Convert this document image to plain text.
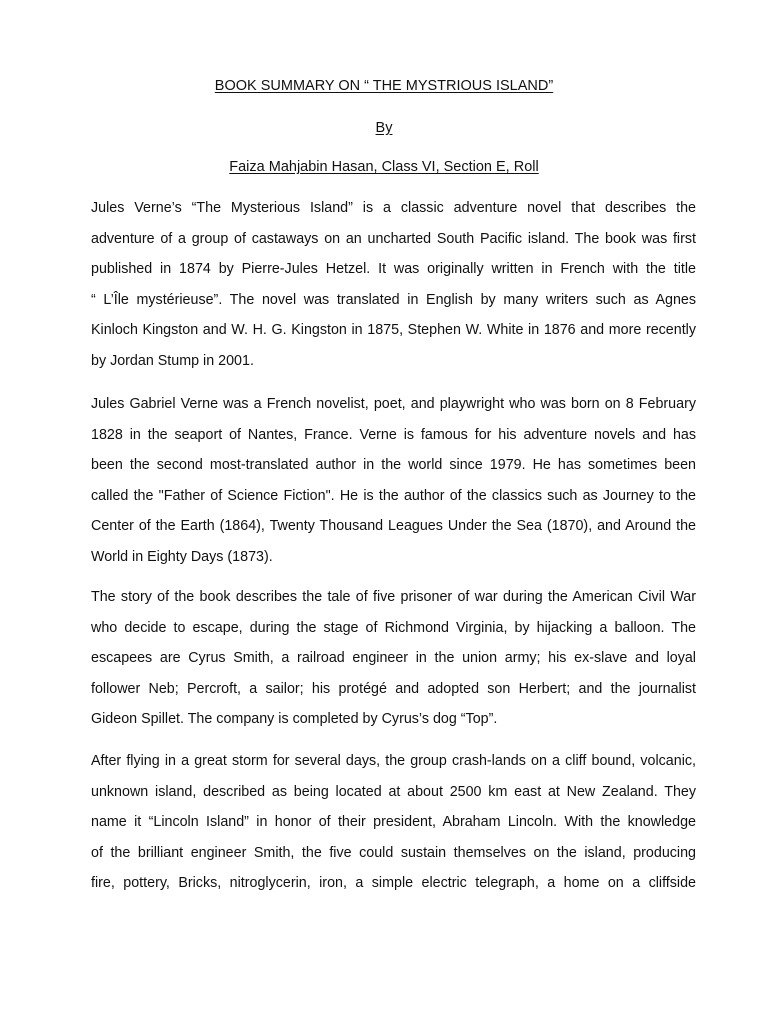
BOOK SUMMARY ON “ THE MYSTRIOUS ISLAND”
By
Faiza Mahjabin Hasan, Class VI, Section E, Roll
Jules Verne’s “The Mysterious Island” is a classic adventure novel that describes the
adventure of a group of castaways on an uncharted South Pacific island. The book was first
published in 1874 by Pierre-Jules Hetzel. It was originally written in French with the title
“ L’Île mystérieuse”. The novel was translated in English by many writers such as Agnes
Kinloch Kingston and W. H. G. Kingston in 1875, Stephen W. White in 1876 and more recently
by Jordan Stump in 2001.
Jules Gabriel Verne was a French novelist, poet, and playwright who was born on 8 February
1828 in the seaport of Nantes, France. Verne is famous for his adventure novels and has
been the second most-translated author in the world since 1979. He has sometimes been
called the "Father of Science Fiction". He is the author of the classics such as Journey to the
Center of the Earth (1864), Twenty Thousand Leagues Under the Sea (1870), and Around the
World in Eighty Days (1873).
The story of the book describes the tale of five prisoner of war during the American Civil War
who decide to escape, during the stage of Richmond Virginia, by hijacking a balloon. The
escapees are Cyrus Smith, a railroad engineer in the union army; his ex-slave and loyal
follower Neb; Percroft, a sailor; his protégé and adopted son Herbert; and the journalist
Gideon Spillet. The company is completed by Cyrus’s dog “Top”.
After flying in a great storm for several days, the group crash-lands on a cliff bound, volcanic,
unknown island, described as being located at about 2500 km east at New Zealand. They
name it “Lincoln Island” in honor of their president, Abraham Lincoln. With the knowledge
of the brilliant engineer Smith, the five could sustain themselves on the island, producing
fire, pottery, Bricks, nitroglycerin, iron, a simple electric telegraph, a home on a cliffside
